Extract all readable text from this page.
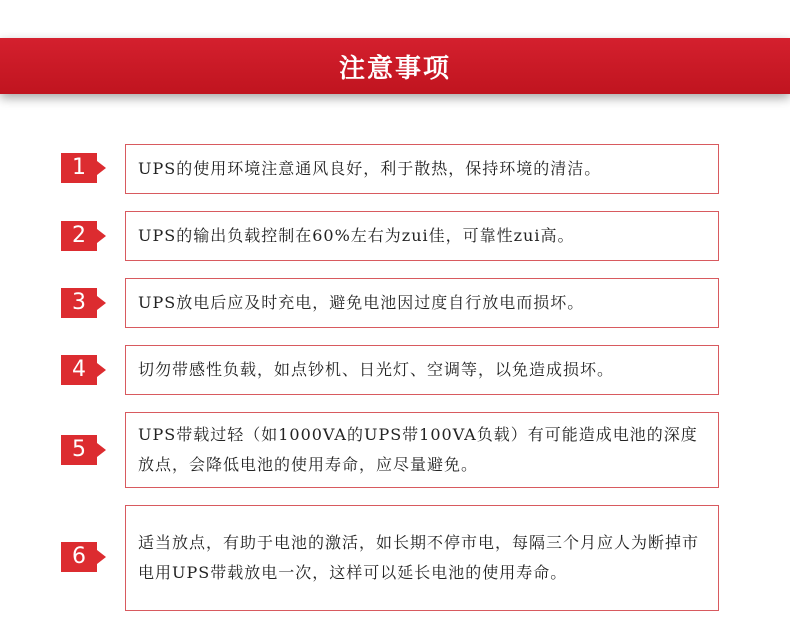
注意事项
1	UPS的使用环境注意通风良好，利于散热，保持环境的清洁。
2	UPS的输出负载控制在60%左右为zui佳，可靠性zui高。
3	UPS放电后应及时充电，避免电池因过度自行放电而损坏。
4	切勿带感性负载，如点钞机、日光灯、空调等，以免造成损坏。
5
UPS带载过轻（如1000VA的UPS带100VA负载）有可能造成电池的深度放点，会降低电池的使用寿命，应尽量避免。
6
适当放点，有助于电池的激活，如长期不停市电，每隔三个月应人为断掉市电用UPS带载放电一次，这样可以延长电池的使用寿命。
